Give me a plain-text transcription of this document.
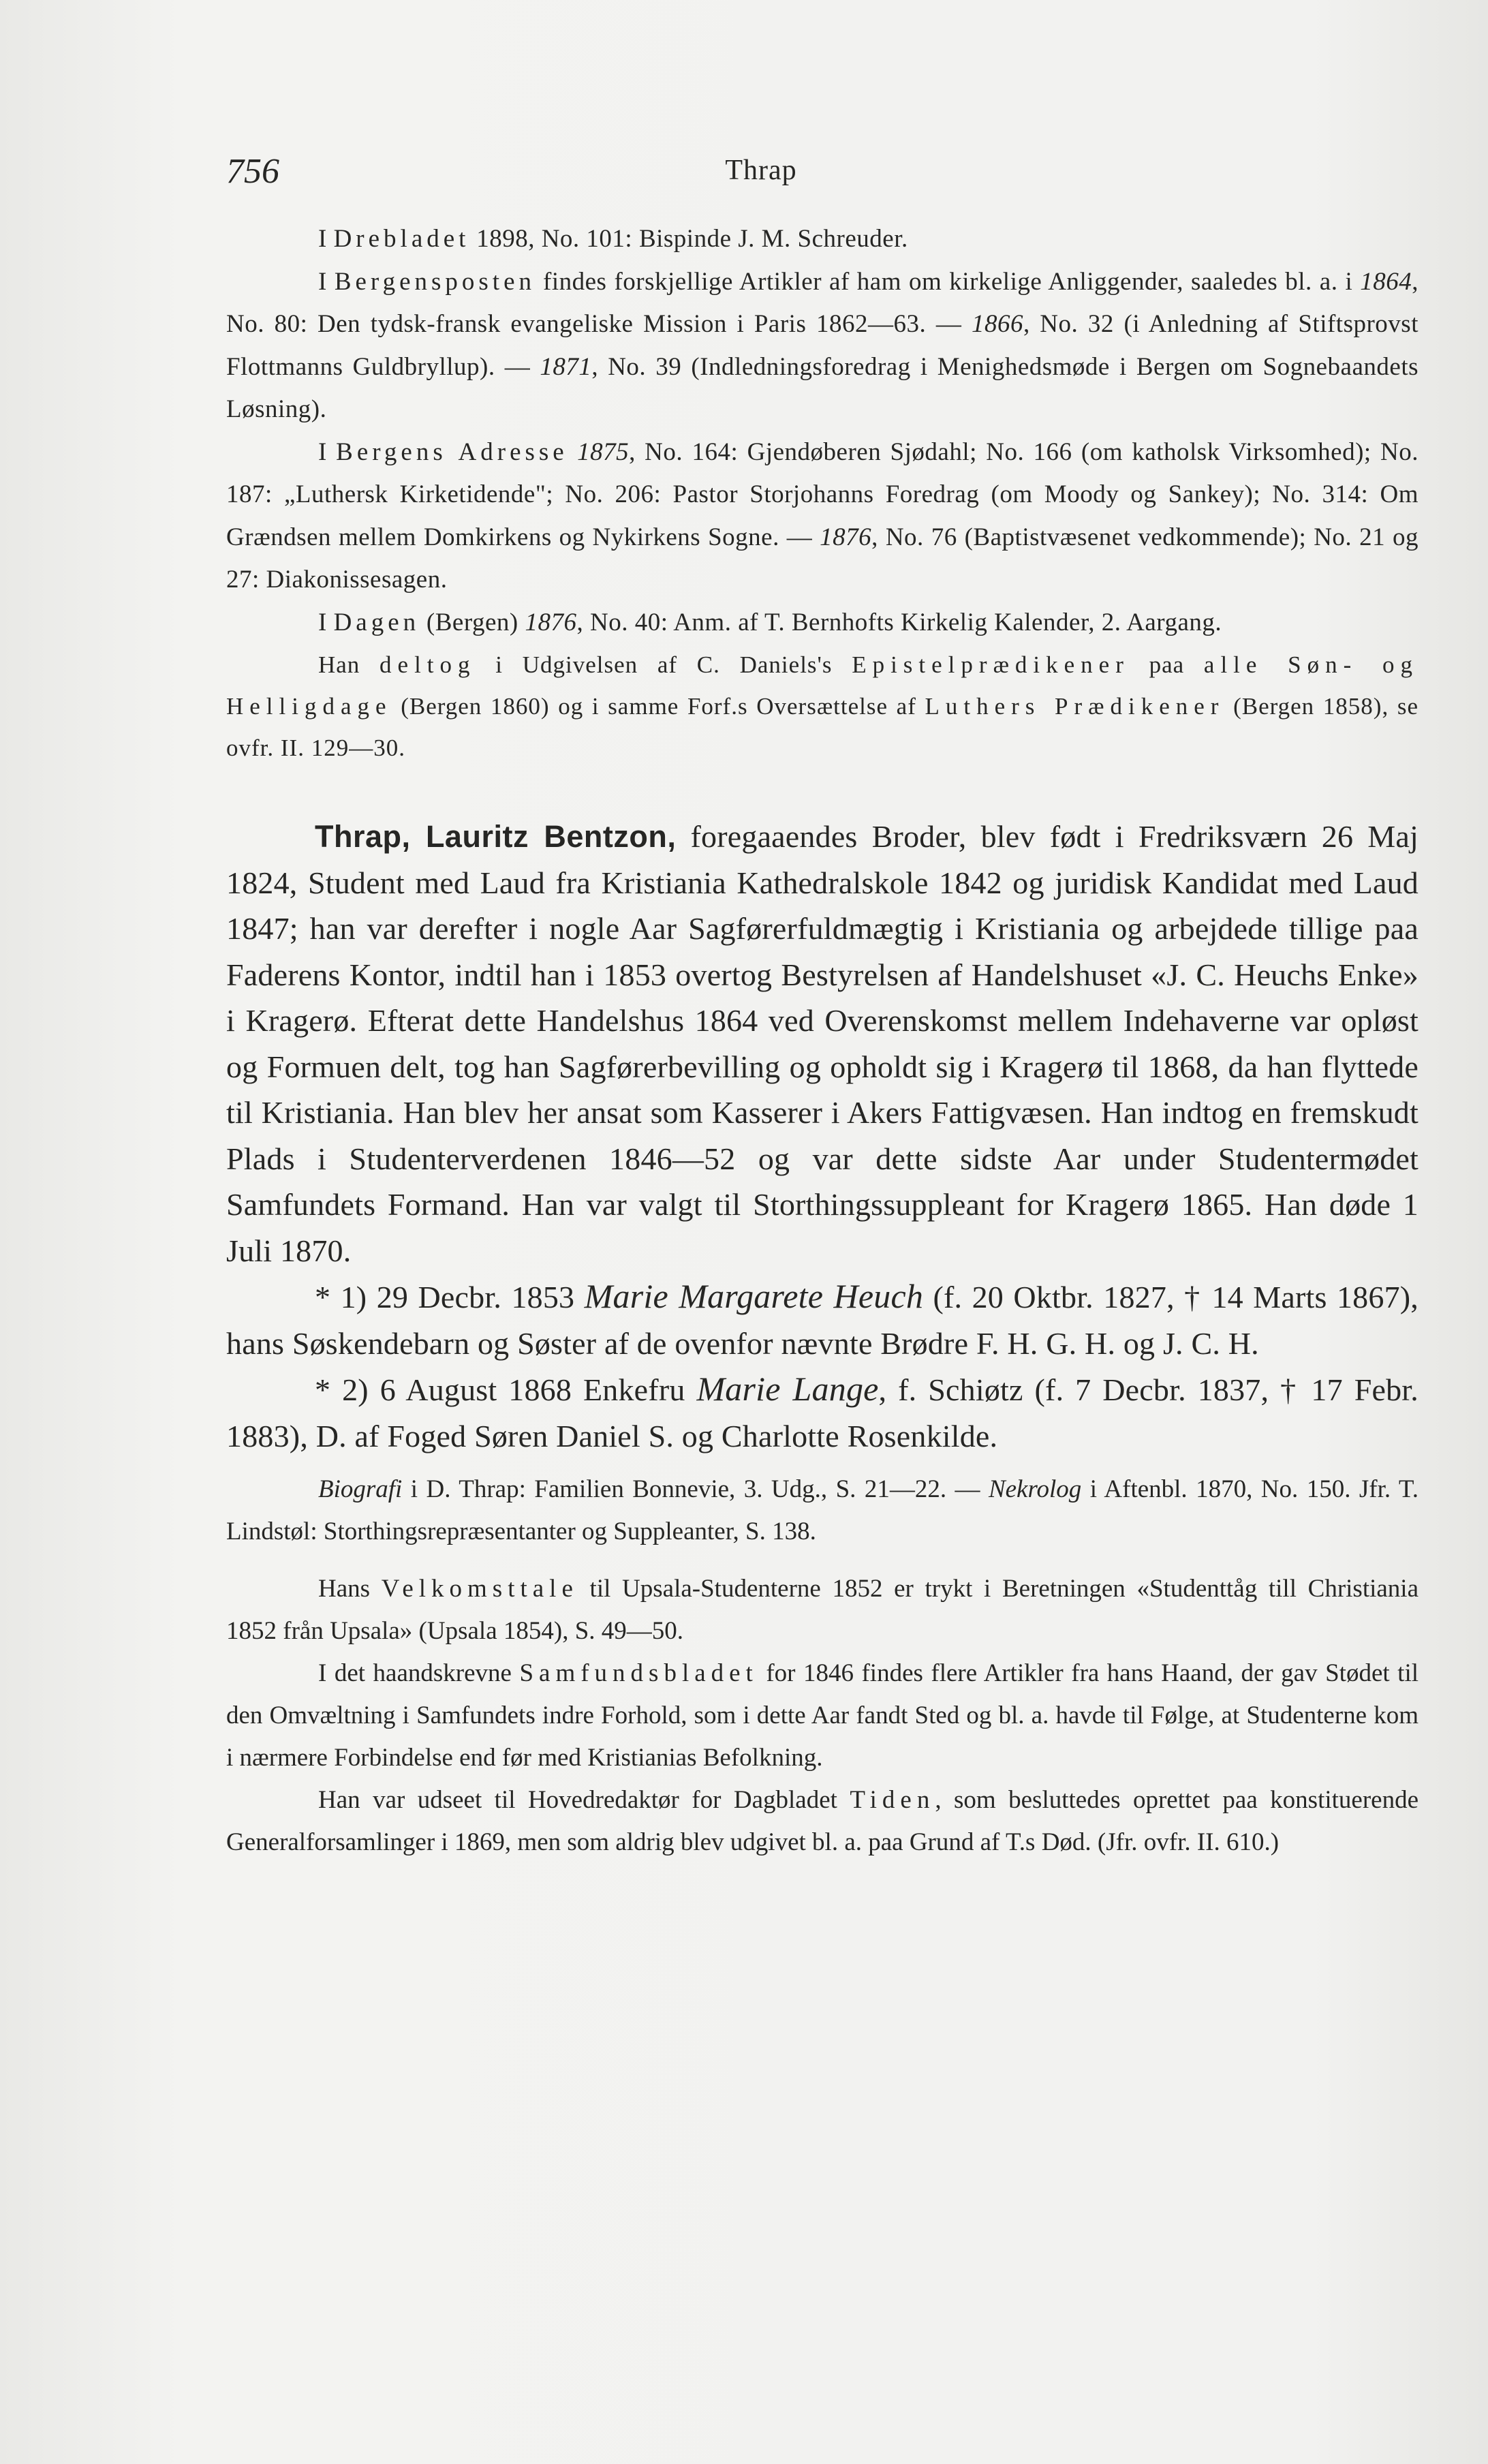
756	Thrap

I Drebladet 1898, No. 101: Bispinde J. M. Schreuder.

I Bergensposten findes forskjellige Artikler af ham om kirkelige Anliggender, saaledes bl. a. i 1864, No. 80: Den tydsk-fransk evangeliske Mission i Paris 1862—63. — 1866, No. 32 (i Anledning af Stiftsprovst Flottmanns Guldbryllup). — 1871, No. 39 (Indledningsforedrag i Menighedsmøde i Bergen om Sognebaandets Løsning).

I Bergens Adresse 1875, No. 164: Gjendøberen Sjødahl; No. 166 (om katholsk Virksomhed); No. 187: „Luthersk Kirketidende"; No. 206: Pastor Storjohanns Foredrag (om Moody og Sankey); No. 314: Om Grændsen mellem Domkirkens og Nykirkens Sogne. — 1876, No. 76 (Baptistvæsenet vedkommende); No. 21 og 27: Diakonissesagen.

I Dagen (Bergen) 1876, No. 40: Anm. af T. Bernhofts Kirkelig Kalender, 2. Aargang.

Han deltog i Udgivelsen af C. Daniels's Epistelprædikener paa alle Søn- og Helligdage (Bergen 1860) og i samme Forf.s Oversættelse af Luthers Prædikener (Bergen 1858), se ovfr. II. 129—30.

Thrap, Lauritz Bentzon, foregaaendes Broder, blev født i Fredriksværn 26 Maj 1824, Student med Laud fra Kristiania Kathedralskole 1842 og juridisk Kandidat med Laud 1847; han var derefter i nogle Aar Sagførerfuldmægtig i Kristiania og arbejdede tillige paa Faderens Kontor, indtil han i 1853 overtog Bestyrelsen af Handelshuset «J. C. Heuchs Enke» i Kragerø. Efterat dette Handelshus 1864 ved Overenskomst mellem Indehaverne var opløst og Formuen delt, tog han Sagførerbevilling og opholdt sig i Kragerø til 1868, da han flyttede til Kristiania. Han blev her ansat som Kasserer i Akers Fattigvæsen. Han indtog en fremskudt Plads i Studenterverdenen 1846—52 og var dette sidste Aar under Studentermødet Samfundets Formand. Han var valgt til Storthingssuppleant for Kragerø 1865. Han døde 1 Juli 1870.

* 1) 29 Decbr. 1853 Marie Margarete Heuch (f. 20 Oktbr. 1827, † 14 Marts 1867), hans Søskendebarn og Søster af de ovenfor nævnte Brødre F. H. G. H. og J. C. H.

* 2) 6 August 1868 Enkefru Marie Lange, f. Schiøtz (f. 7 Decbr. 1837, † 17 Febr. 1883), D. af Foged Søren Daniel S. og Charlotte Rosenkilde.

Biografi i D. Thrap: Familien Bonnevie, 3. Udg., S. 21—22. — Nekrolog i Aftenbl. 1870, No. 150. Jfr. T. Lindstøl: Storthingsrepræsentanter og Suppleanter, S. 138.

Hans Velkomsttale til Upsala-Studenterne 1852 er trykt i Beretningen «Studenttåg till Christiania 1852 från Upsala» (Upsala 1854), S. 49—50.

I det haandskrevne Samfundsbladet for 1846 findes flere Artikler fra hans Haand, der gav Stødet til den Omvæltning i Samfundets indre Forhold, som i dette Aar fandt Sted og bl. a. havde til Følge, at Studenterne kom i nærmere Forbindelse end før med Kristianias Befolkning.

Han var udseet til Hovedredaktør for Dagbladet Tiden, som besluttedes oprettet paa konstituerende Generalforsamlinger i 1869, men som aldrig blev udgivet bl. a. paa Grund af T.s Død. (Jfr. ovfr. II. 610.)
